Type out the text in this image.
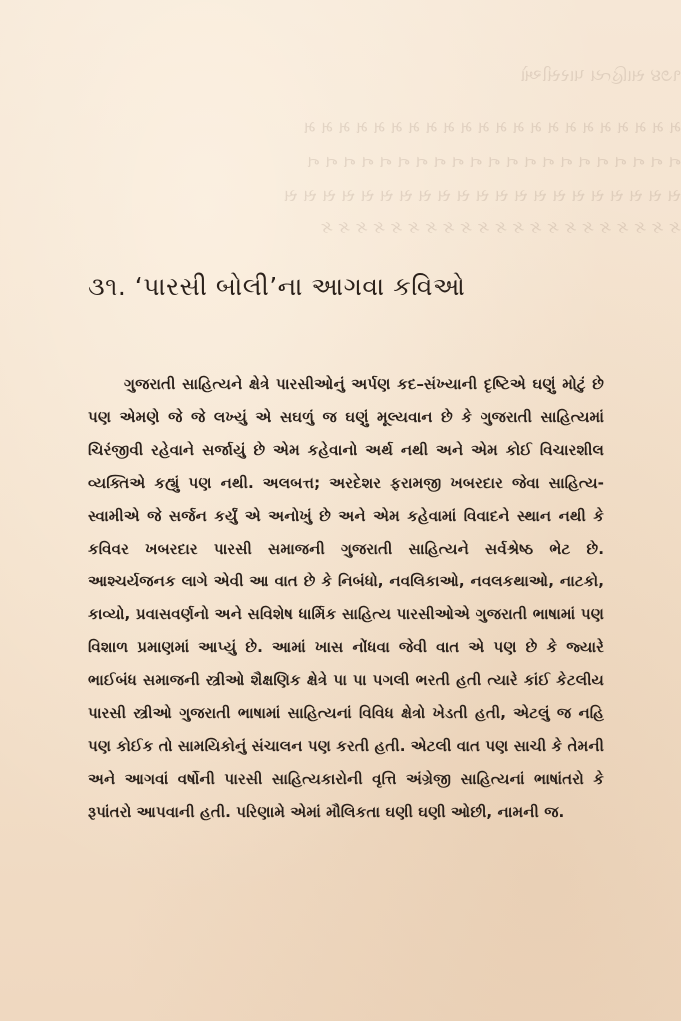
૧૭૪ સાહિત્ય પારસીઓ
મ મ મ મ મ મ મ મ મ મ મ મ મ મ મ મ મ મ મ મ મ મ
ન ન ન ન ન ન ન ન ન ન ન ન ન ન ન ન ન ન ન ન ન
સ સ સ સ સ સ સ સ સ સ સ સ સ સ સ સ સ સ સ સ સ
ક ક ક ક ક ક ક ક ક ક ક ક ક ક ક ક ક ક ક ક ક
૩૧. ‘પારસી બોલી’ના આગવા કવિઓ

ગુજરાતી સાહિત્યને ક્ષેત્રે પારસીઓનું અર્પણ કદ–સંખ્યાની દૃષ્ટિએ ઘણું મોટું છે પણ એમણે જે જે લખ્યું એ સઘળું જ ઘણું મૂલ્યવાન છે કે ગુજરાતી સાહિત્યમાં ચિરંજીવી રહેવાને સર્જાયું છે એમ કહેવાનો અર્થ નથી અને એમ કોઈ વિચારશીલ વ્યક્તિએ કહ્યું પણ નથી. અલબત્ત; અરદેશર ફરામજી ખબરદાર જેવા સાહિત્ય-સ્વામીએ જે સર્જન કર્યું એ અનોખું છે અને એમ કહેવામાં વિવાદને સ્થાન નથી કે કવિવર ખબરદાર પારસી સમાજની ગુજરાતી સાહિત્યને સર્વશ્રેષ્ઠ ભેટ છે. આશ્ચર્યજનક લાગે એવી આ વાત છે કે નિબંધો, નવલિકાઓ, નવલકથાઓ, નાટકો, કાવ્યો, પ્રવાસવર્ણનો અને સવિશેષ ધાર્મિક સાહિત્ય પારસીઓએ ગુજરાતી ભાષામાં પણ વિશાળ પ્રમાણમાં આપ્યું છે. આમાં ખાસ નોંધવા જેવી વાત એ પણ છે કે જ્યારે ભાઈબંધ સમાજની સ્ત્રીઓ શૈક્ષણિક ક્ષેત્રે પા પા પગલી ભરતી હતી ત્યારે કાંઈ કેટલીય પારસી સ્ત્રીઓ ગુજરાતી ભાષામાં સાહિત્યનાં વિવિધ ક્ષેત્રો ખેડતી હતી, એટલું જ નહિ પણ કોઈક તો સામયિકોનું સંચાલન પણ કરતી હતી. એટલી વાત પણ સાચી કે તેમની અને આગવાં વર્ષોની પારસી સાહિત્યકારોની વૃત્તિ અંગ્રેજી સાહિત્યનાં ભાષાંતરો કે રૂપાંતરો આપવાની હતી. પરિણામે એમાં મૌલિકતા ઘણી ઘણી ઓછી, નામની જ.
